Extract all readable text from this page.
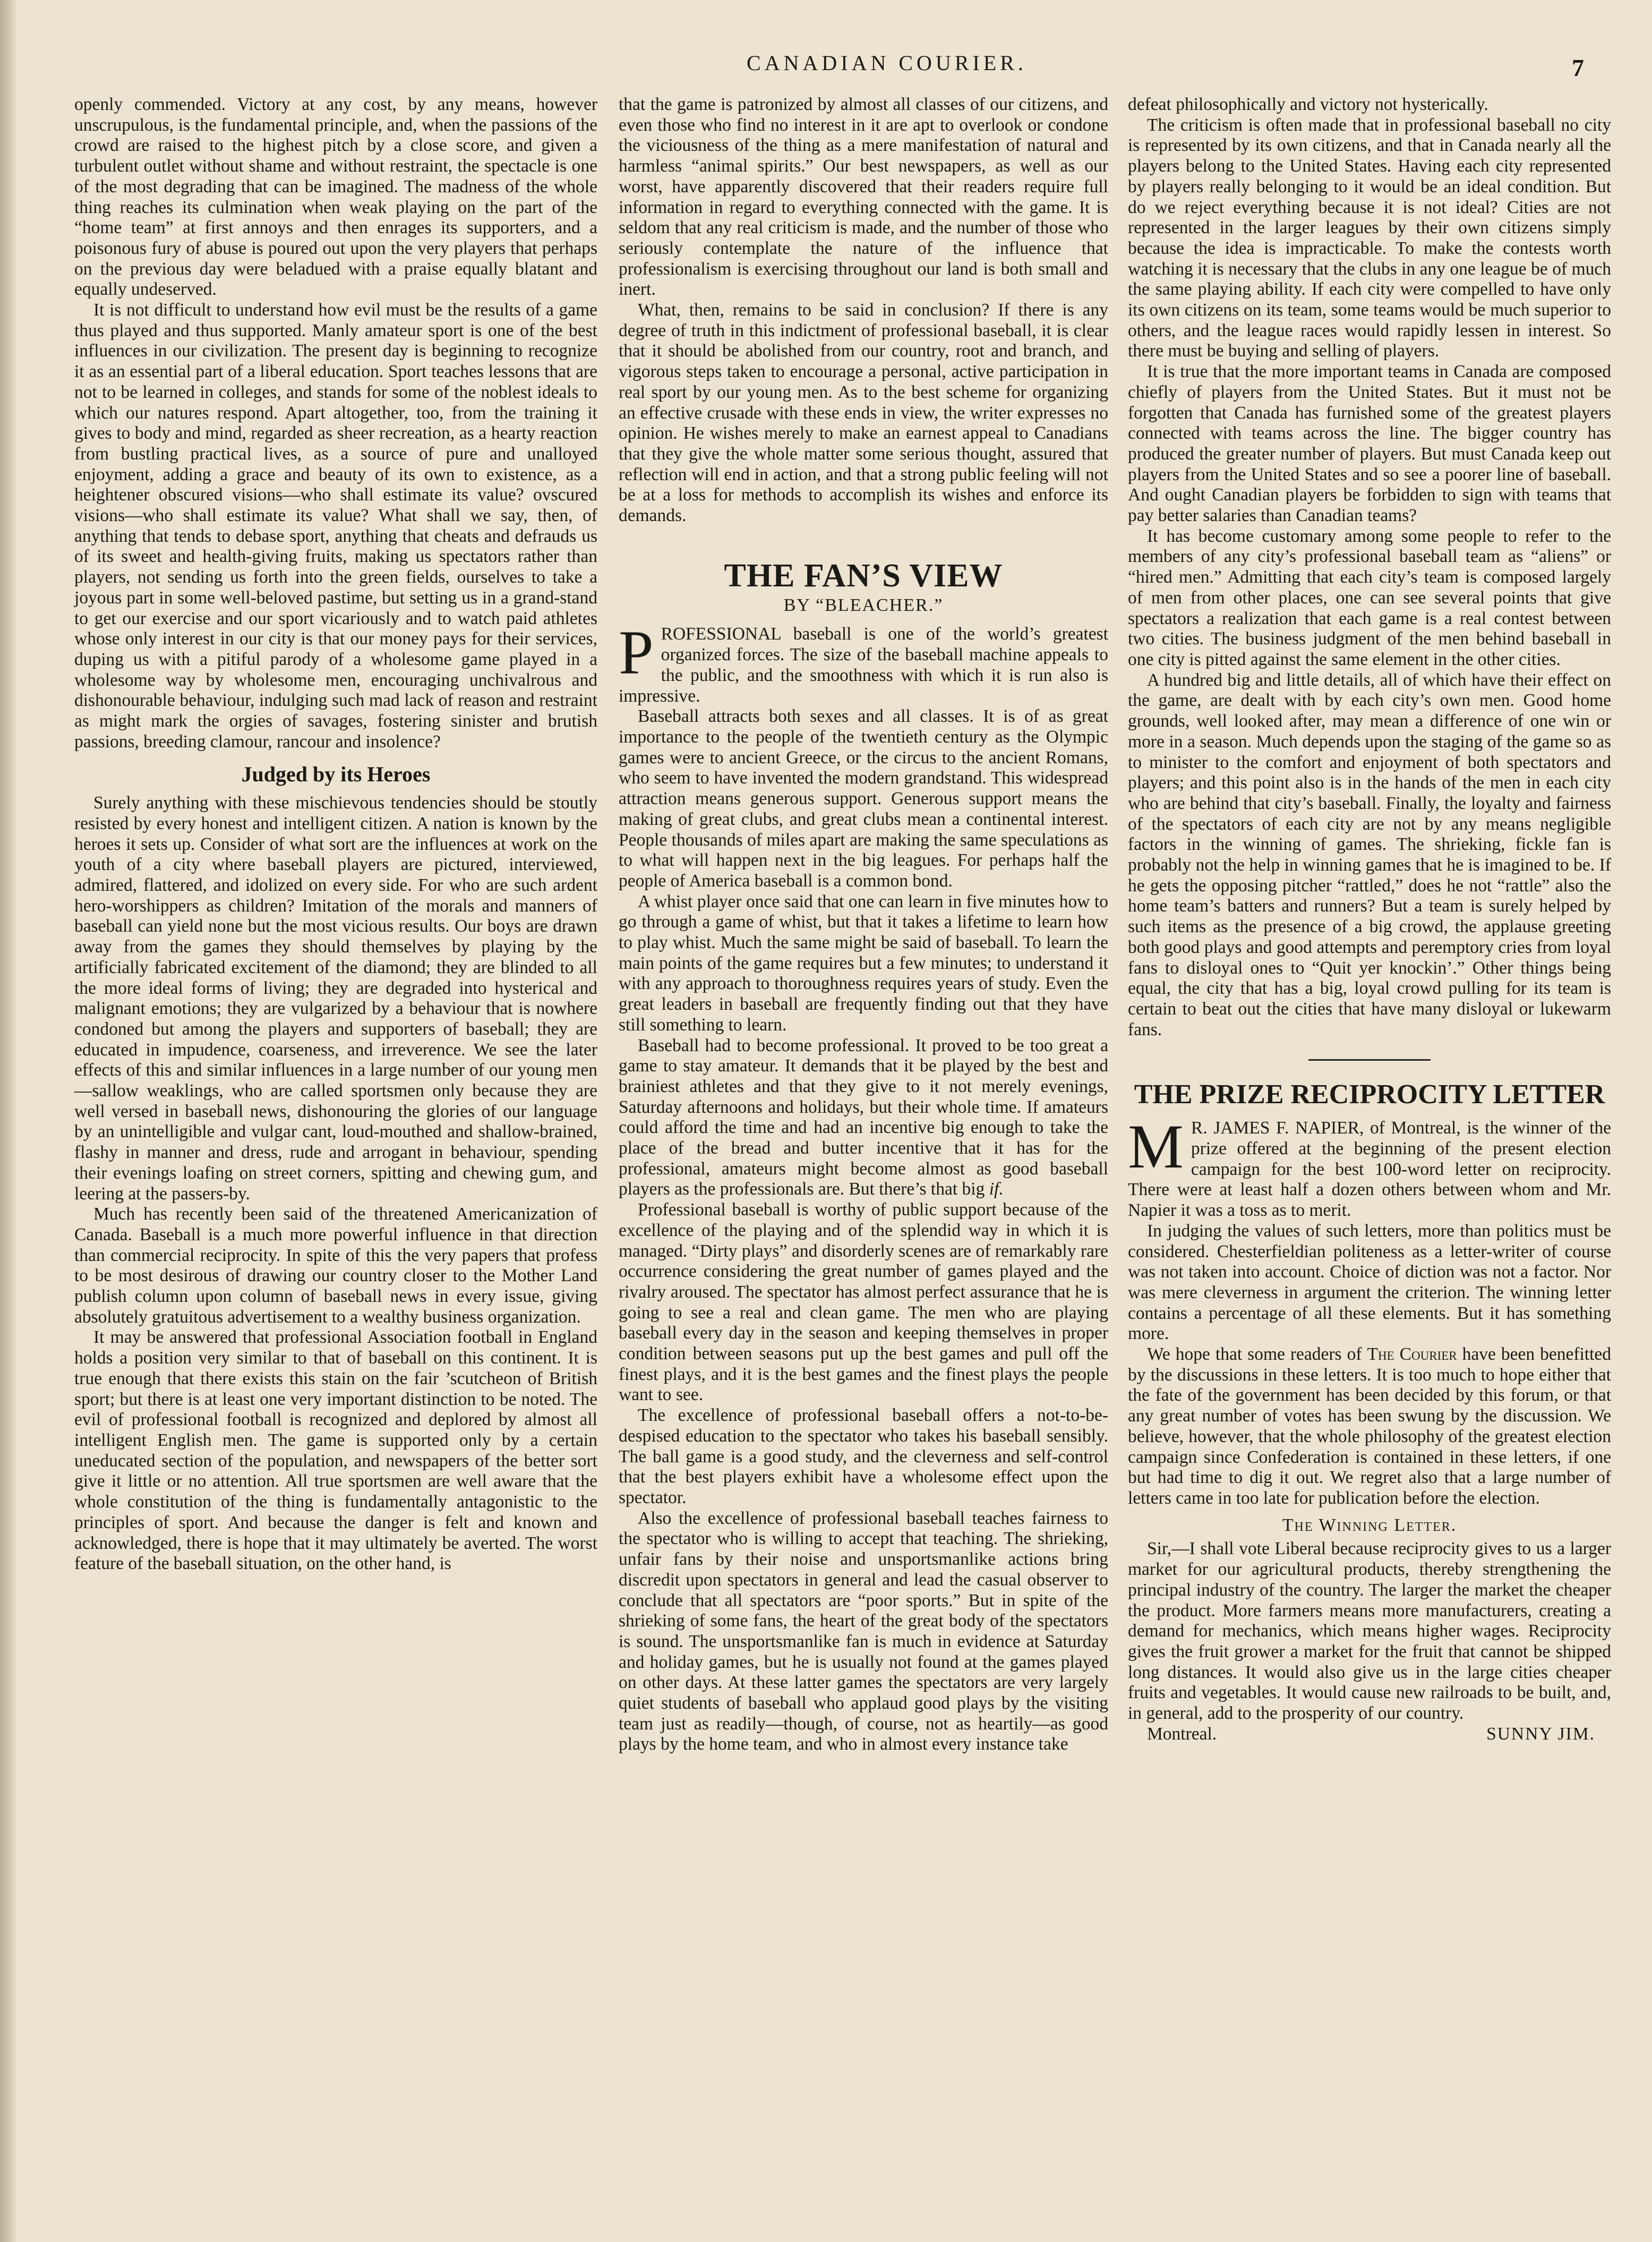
CANADIAN COURIER.	7

openly commended. Victory at any cost, by any means, however unscrupulous, is the fundamental principle, and, when the passions of the crowd are raised to the highest pitch by a close score, and given a turbulent outlet without shame and without restraint, the spectacle is one of the most degrading that can be imagined. The madness of the whole thing reaches its culmination when weak playing on the part of the “home team” at first annoys and then enrages its supporters, and a poisonous fury of abuse is poured out upon the very players that perhaps on the previous day were beladued with a praise equally blatant and equally undeserved.

It is not difficult to understand how evil must be the results of a game thus played and thus supported. Manly amateur sport is one of the best influences in our civilization. The present day is beginning to recognize it as an essential part of a liberal education. Sport teaches lessons that are not to be learned in colleges, and stands for some of the noblest ideals to which our natures respond. Apart altogether, too, from the training it gives to body and mind, regarded as sheer recreation, as a hearty reaction from bustling practical lives, as a source of pure and unalloyed enjoyment, adding a grace and beauty of its own to existence, as a heightener obscured visions—who shall estimate its value? ovscured visions—who shall estimate its value? What shall we say, then, of anything that tends to debase sport, anything that cheats and defrauds us of its sweet and health-giving fruits, making us spectators rather than players, not sending us forth into the green fields, ourselves to take a joyous part in some well-beloved pastime, but setting us in a grand-stand to get our exercise and our sport vicariously and to watch paid athletes whose only interest in our city is that our money pays for their services, duping us with a pitiful parody of a wholesome game played in a wholesome way by wholesome men, encouraging unchivalrous and dishonourable behaviour, indulging such mad lack of reason and restraint as might mark the orgies of savages, fostering sinister and brutish passions, breeding clamour, rancour and insolence?

Judged by its Heroes

Surely anything with these mischievous tendencies should be stoutly resisted by every honest and intelligent citizen. A nation is known by the heroes it sets up. Consider of what sort are the influences at work on the youth of a city where baseball players are pictured, interviewed, admired, flattered, and idolized on every side. For who are such ardent hero-worshippers as children? Imitation of the morals and manners of baseball can yield none but the most vicious results. Our boys are drawn away from the games they should themselves by playing by the artificially fabricated excitement of the diamond; they are blinded to all the more ideal forms of living; they are degraded into hysterical and malignant emotions; they are vulgarized by a behaviour that is nowhere condoned but among the players and supporters of baseball; they are educated in impudence, coarseness, and irreverence. We see the later effects of this and similar influences in a large number of our young men—sallow weaklings, who are called sportsmen only because they are well versed in baseball news, dishonouring the glories of our language by an unintelligible and vulgar cant, loud-mouthed and shallow-brained, flashy in manner and dress, rude and arrogant in behaviour, spending their evenings loafing on street corners, spitting and chewing gum, and leering at the passers-by.

Much has recently been said of the threatened Americanization of Canada. Baseball is a much more powerful influence in that direction than commercial reciprocity. In spite of this the very papers that profess to be most desirous of drawing our country closer to the Mother Land publish column upon column of baseball news in every issue, giving absolutely gratuitous advertisement to a wealthy business organization.

It may be answered that professional Association football in England holds a position very similar to that of baseball on this continent. It is true enough that there exists this stain on the fair ’scutcheon of British sport; but there is at least one very important distinction to be noted. The evil of professional football is recognized and deplored by almost all intelligent English men. The game is supported only by a certain uneducated section of the population, and newspapers of the better sort give it little or no attention. All true sportsmen are well aware that the whole constitution of the thing is fundamentally antagonistic to the principles of sport. And because the danger is felt and known and acknowledged, there is hope that it may ultimately be averted. The worst feature of the baseball situation, on the other hand, is

that the game is patronized by almost all classes of our citizens, and even those who find no interest in it are apt to overlook or condone the viciousness of the thing as a mere manifestation of natural and harmless “animal spirits.” Our best newspapers, as well as our worst, have apparently discovered that their readers require full information in regard to everything connected with the game. It is seldom that any real criticism is made, and the number of those who seriously contemplate the nature of the influence that professionalism is exercising throughout our land is both small and inert.

What, then, remains to be said in conclusion? If there is any degree of truth in this indictment of professional baseball, it is clear that it should be abolished from our country, root and branch, and vigorous steps taken to encourage a personal, active participation in real sport by our young men. As to the best scheme for organizing an effective crusade with these ends in view, the writer expresses no opinion. He wishes merely to make an earnest appeal to Canadians that they give the whole matter some serious thought, assured that reflection will end in action, and that a strong public feeling will not be at a loss for methods to accomplish its wishes and enforce its demands.

THE FAN’S VIEW
BY “BLEACHER.”

PROFESSIONAL baseball is one of the world’s greatest organized forces. The size of the baseball machine appeals to the public, and the smoothness with which it is run also is impressive.

Baseball attracts both sexes and all classes. It is of as great importance to the people of the twentieth century as the Olympic games were to ancient Greece, or the circus to the ancient Romans, who seem to have invented the modern grandstand. This widespread attraction means generous support. Generous support means the making of great clubs, and great clubs mean a continental interest. People thousands of miles apart are making the same speculations as to what will happen next in the big leagues. For perhaps half the people of America baseball is a common bond.

A whist player once said that one can learn in five minutes how to go through a game of whist, but that it takes a lifetime to learn how to play whist. Much the same might be said of baseball. To learn the main points of the game requires but a few minutes; to understand it with any approach to thoroughness requires years of study. Even the great leaders in baseball are frequently finding out that they have still something to learn.

Baseball had to become professional. It proved to be too great a game to stay amateur. It demands that it be played by the best and brainiest athletes and that they give to it not merely evenings, Saturday afternoons and holidays, but their whole time. If amateurs could afford the time and had an incentive big enough to take the place of the bread and butter incentive that it has for the professional, amateurs might become almost as good baseball players as the professionals are. But there’s that big if.

Professional baseball is worthy of public support because of the excellence of the playing and of the splendid way in which it is managed. “Dirty plays” and disorderly scenes are of remarkably rare occurrence considering the great number of games played and the rivalry aroused. The spectator has almost perfect assurance that he is going to see a real and clean game. The men who are playing baseball every day in the season and keeping themselves in proper condition between seasons put up the best games and pull off the finest plays, and it is the best games and the finest plays the people want to see.

The excellence of professional baseball offers a not-to-be-despised education to the spectator who takes his baseball sensibly. The ball game is a good study, and the cleverness and self-control that the best players exhibit have a wholesome effect upon the spectator.

Also the excellence of professional baseball teaches fairness to the spectator who is willing to accept that teaching. The shrieking, unfair fans by their noise and unsportsmanlike actions bring discredit upon spectators in general and lead the casual observer to conclude that all spectators are “poor sports.” But in spite of the shrieking of some fans, the heart of the great body of the spectators is sound. The unsportsmanlike fan is much in evidence at Saturday and holiday games, but he is usually not found at the games played on other days. At these latter games the spectators are very largely quiet students of baseball who applaud good plays by the visiting team just as readily—though, of course, not as heartily—as good plays by the home team, and who in almost every instance take

defeat philosophically and victory not hysterically.

The criticism is often made that in professional baseball no city is represented by its own citizens, and that in Canada nearly all the players belong to the United States. Having each city represented by players really belonging to it would be an ideal condition. But do we reject everything because it is not ideal? Cities are not represented in the larger leagues by their own citizens simply because the idea is impracticable. To make the contests worth watching it is necessary that the clubs in any one league be of much the same playing ability. If each city were compelled to have only its own citizens on its team, some teams would be much superior to others, and the league races would rapidly lessen in interest. So there must be buying and selling of players.

It is true that the more important teams in Canada are composed chiefly of players from the United States. But it must not be forgotten that Canada has furnished some of the greatest players connected with teams across the line. The bigger country has produced the greater number of players. But must Canada keep out players from the United States and so see a poorer line of baseball. And ought Canadian players be forbidden to sign with teams that pay better salaries than Canadian teams?

It has become customary among some people to refer to the members of any city’s professional baseball team as “aliens” or “hired men.” Admitting that each city’s team is composed largely of men from other places, one can see several points that give spectators a realization that each game is a real contest between two cities. The business judgment of the men behind baseball in one city is pitted against the same element in the other cities.

A hundred big and little details, all of which have their effect on the game, are dealt with by each city’s own men. Good home grounds, well looked after, may mean a difference of one win or more in a season. Much depends upon the staging of the game so as to minister to the comfort and enjoyment of both spectators and players; and this point also is in the hands of the men in each city who are behind that city’s baseball. Finally, the loyalty and fairness of the spectators of each city are not by any means negligible factors in the winning of games. The shrieking, fickle fan is probably not the help in winning games that he is imagined to be. If he gets the opposing pitcher “rattled,” does he not “rattle” also the home team’s batters and runners? But a team is surely helped by such items as the presence of a big crowd, the applause greeting both good plays and good attempts and peremptory cries from loyal fans to disloyal ones to “Quit yer knockin’.” Other things being equal, the city that has a big, loyal crowd pulling for its team is certain to beat out the cities that have many disloyal or lukewarm fans.

THE PRIZE RECIPROCITY LETTER

M R. JAMES F. NAPIER, of Montreal, is the winner of the prize offered at the beginning of the present election campaign for the best 100-word letter on reciprocity. There were at least half a dozen others between whom and Mr. Napier it was a toss as to merit.

In judging the values of such letters, more than politics must be considered. Chesterfieldian politeness as a letter-writer of course was not taken into account. Choice of diction was not a factor. Nor was mere cleverness in argument the criterion. The winning letter contains a percentage of all these elements. But it has something more.

We hope that some readers of The Courier have been benefitted by the discussions in these letters. It is too much to hope either that the fate of the government has been decided by this forum, or that any great number of votes has been swung by the discussion. We believe, however, that the whole philosophy of the greatest election campaign since Confederation is contained in these letters, if one but had time to dig it out. We regret also that a large number of letters came in too late for publication before the election.

The Winning Letter.

Sir,—I shall vote Liberal because reciprocity gives to us a larger market for our agricultural products, thereby strengthening the principal industry of the country. The larger the market the cheaper the product. More farmers means more manufacturers, creating a demand for mechanics, which means higher wages. Reciprocity gives the fruit grower a market for the fruit that cannot be shipped long distances. It would also give us in the large cities cheaper fruits and vegetables. It would cause new railroads to be built, and, in general, add to the prosperity of our country.

Montreal.	SUNNY JIM.
